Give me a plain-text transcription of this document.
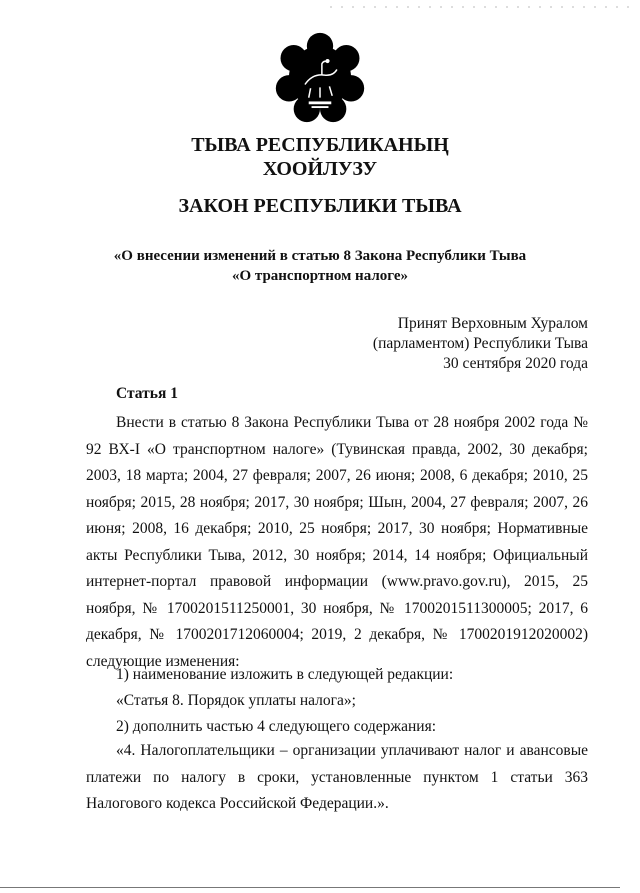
ТЫВА РЕСПУБЛИКАНЫҢ
ХООЙЛУЗУ
ЗАКОН РЕСПУБЛИКИ ТЫВА
«О внесении изменений в статью 8 Закона Республики Тыва
«О транспортном налоге»
Принят Верховным Хуралом
(парламентом) Республики Тыва
30 сентября 2020 года
Статья 1
Внести в статью 8 Закона Республики Тыва от 28 ноября 2002 года № 92 ВХ-I «О транспортном налоге» (Тувинская правда, 2002, 30 декабря; 2003, 18 марта; 2004, 27 февраля; 2007, 26 июня; 2008, 6 декабря; 2010, 25 ноября; 2015, 28 ноября; 2017, 30 ноября; Шын, 2004, 27 февраля; 2007, 26 июня; 2008, 16 декабря; 2010, 25 ноября; 2017, 30 ноября; Нормативные акты Республики Тыва, 2012, 30 ноября; 2014, 14 ноября; Официальный интернет-портал правовой информации (www.pravo.gov.ru), 2015, 25 ноября, № 1700201511250001, 30 ноября, № 1700201511300005; 2017, 6 декабря, № 1700201712060004; 2019, 2 декабря, № 1700201912020002) следующие изменения:
1) наименование изложить в следующей редакции:
«Статья 8. Порядок уплаты налога»;
2) дополнить частью 4 следующего содержания:
«4. Налогоплательщики – организации уплачивают налог и авансовые платежи по налогу в сроки, установленные пунктом 1 статьи 363 Налогового кодекса Российской Федерации.».
